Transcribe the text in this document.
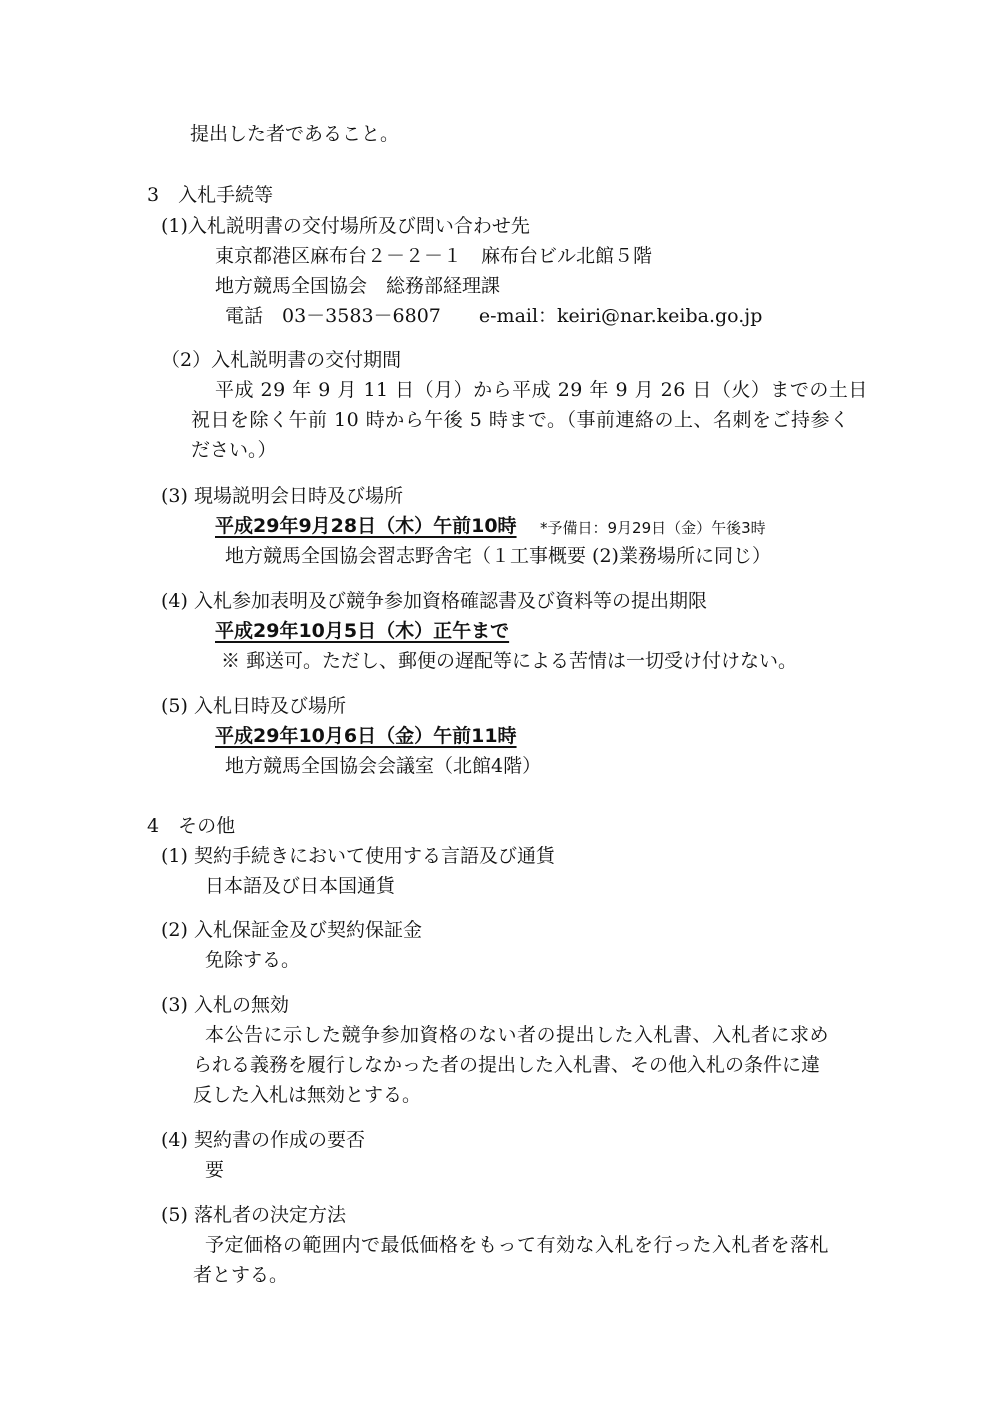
提出した者であること。
3　入札手続等
(1)入札説明書の交付場所及び問い合わせ先
東京都港区麻布台２－２－１　麻布台ビル北館５階
地方競馬全国協会　総務部経理課
電話　03－3583－6807　　e-mail：keiri@nar.keiba.go.jp
（2）入札説明書の交付期間
平成 29 年 9 月 11 日（月）から平成 29 年 9 月 26 日（火）までの土日
祝日を除く午前 10 時から午後 5 時まで。（事前連絡の上、名刺をご持参く
ださい。）
(3) 現場説明会日時及び場所
平成29年9月28日（木）午前10時 *予備日：9月29日（金）午後3時
地方競馬全国協会習志野舎宅（１工事概要 (2)業務場所に同じ）
(4) 入札参加表明及び競争参加資格確認書及び資料等の提出期限
平成29年10月5日（木）正午まで
※ 郵送可。ただし、郵便の遅配等による苦情は一切受け付けない。
(5) 入札日時及び場所
平成29年10月6日（金）午前11時
地方競馬全国協会会議室（北館4階）
4　その他
(1) 契約手続きにおいて使用する言語及び通貨
日本語及び日本国通貨
(2) 入札保証金及び契約保証金
免除する。
(3) 入札の無効
本公告に示した競争参加資格のない者の提出した入札書、入札者に求め
られる義務を履行しなかった者の提出した入札書、その他入札の条件に違
反した入札は無効とする。
(4) 契約書の作成の要否
要
(5) 落札者の決定方法
予定価格の範囲内で最低価格をもって有効な入札を行った入札者を落札
者とする。
